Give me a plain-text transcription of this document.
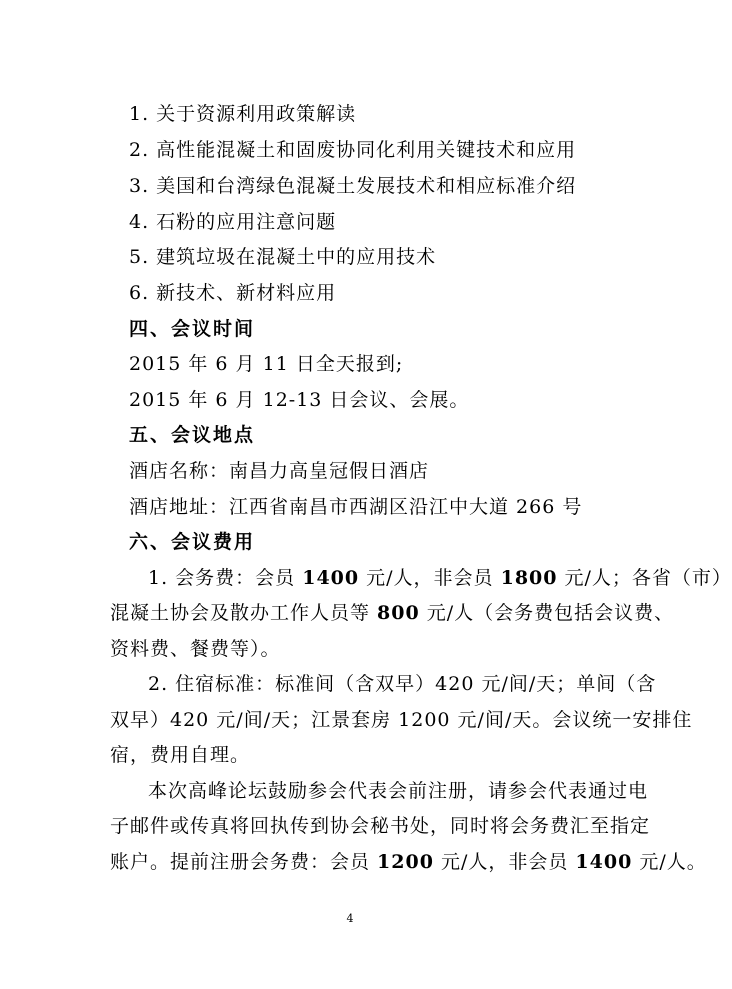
1. 关于资源利用政策解读
2. 高性能混凝土和固废协同化利用关键技术和应用
3. 美国和台湾绿色混凝土发展技术和相应标准介绍
4. 石粉的应用注意问题
5. 建筑垃圾在混凝土中的应用技术
6. 新技术、新材料应用
四、会议时间
2015 年 6 月 11 日全天报到;
2015 年 6 月 12-13 日会议、会展。
五、会议地点
酒店名称：南昌力高皇冠假日酒店
酒店地址：江西省南昌市西湖区沿江中大道 266 号
六、会议费用
1. 会务费：会员 1400 元/人，非会员 1800 元/人；各省（市）
混凝土协会及散办工作人员等 800 元/人（会务费包括会议费、
资料费、餐费等）。
2. 住宿标准：标准间（含双早）420 元/间/天；单间（含
双早）420 元/间/天；江景套房 1200 元/间/天。会议统一安排住
宿，费用自理。
本次高峰论坛鼓励参会代表会前注册，请参会代表通过电
子邮件或传真将回执传到协会秘书处，同时将会务费汇至指定
账户。提前注册会务费：会员 1200 元/人，非会员 1400 元/人。
4
